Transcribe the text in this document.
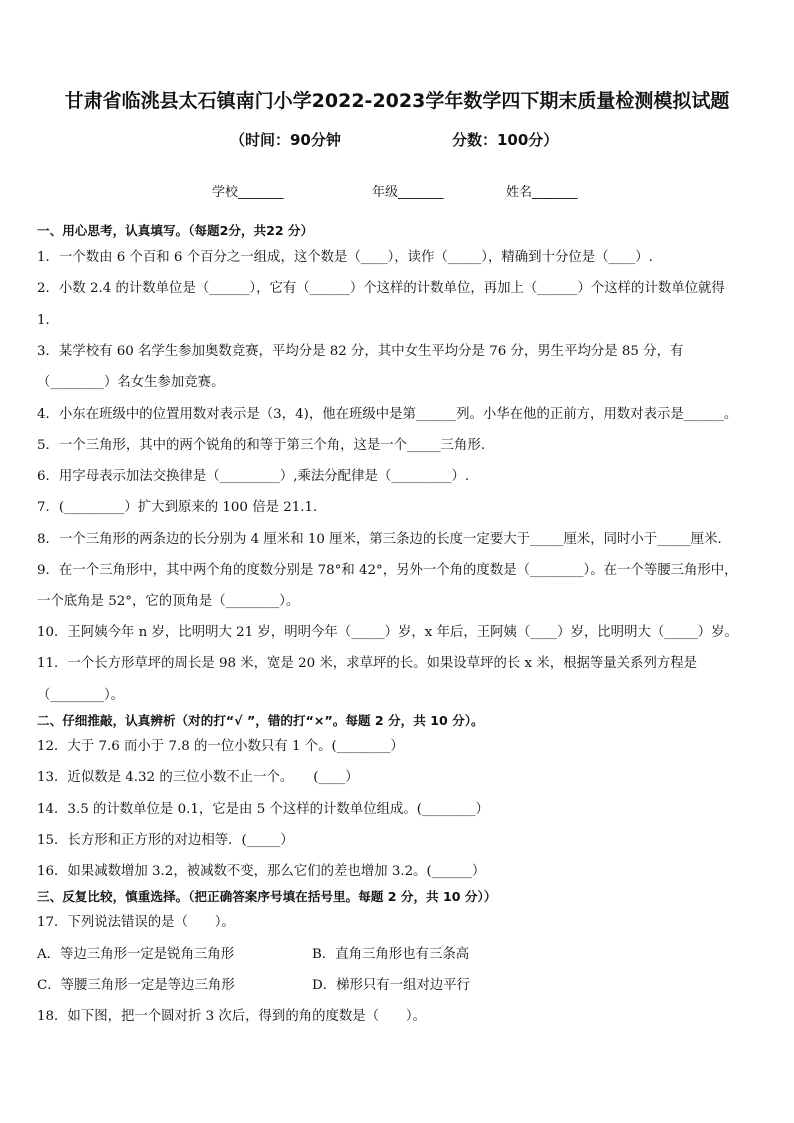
甘肃省临洮县太石镇南门小学2022-2023学年数学四下期末质量检测模拟试题
（时间：90分钟	分数：100分）
学校_______	年级_______	姓名_______
一、用心思考，认真填写。（每题2分，共22 分）
1．一个数由 6 个百和 6 个百分之一组成，这个数是（____），读作（_____），精确到十分位是（____）.
2．小数 2.4 的计数单位是（______），它有（______）个这样的计数单位，再加上（______）个这样的计数单位就得
1．
3．某学校有 60 名学生参加奥数竞赛，平均分是 82 分，其中女生平均分是 76 分，男生平均分是 85 分，有
（________）名女生参加竞赛。
4．小东在班级中的位置用数对表示是（3，4)，他在班级中是第______列。小华在他的正前方，用数对表示是______。
5．一个三角形，其中的两个锐角的和等于第三个角，这是一个_____三角形.
6．用字母表示加法交换律是（_________）,乘法分配律是（_________）.
7．(_________）扩大到原来的 100 倍是 21.1．
8．一个三角形的两条边的长分别为 4 厘米和 10 厘米，第三条边的长度一定要大于_____厘米，同时小于_____厘米．
9．在一个三角形中，其中两个角的度数分别是 78°和 42°，另外一个角的度数是（________）。在一个等腰三角形中，
一个底角是 52°，它的顶角是（________）。
10．王阿姨今年 n 岁，比明明大 21 岁，明明今年（_____）岁，x 年后，王阿姨（____）岁，比明明大（_____）岁。
11．一个长方形草坪的周长是 98 米，宽是 20 米，求草坪的长。如果设草坪的长 x 米，根据等量关系列方程是
（________）。
二、仔细推敲，认真辨析（对的打“√ ”，错的打“×”。每题 2 分，共 10 分）。
12．大于 7.6 而小于 7.8 的一位小数只有 1 个。(________）
13．近似数是 4.32 的三位小数不止一个。　　(____）
14．3.5 的计数单位是 0.1，它是由 5 个这样的计数单位组成。(________）
15．长方形和正方形的对边相等．(_____）
16．如果减数增加 3.2，被减数不变，那么它们的差也增加 3.2。(______）
三、反复比较，慎重选择。（把正确答案序号填在括号里。每题 2 分，共 10 分））
17．下列说法错误的是（　　）。
A．等边三角形一定是锐角三角形	B．直角三角形也有三条高
C．等腰三角形一定是等边三角形	D．梯形只有一组对边平行
18．如下图，把一个圆对折 3 次后，得到的角的度数是（　　）。
